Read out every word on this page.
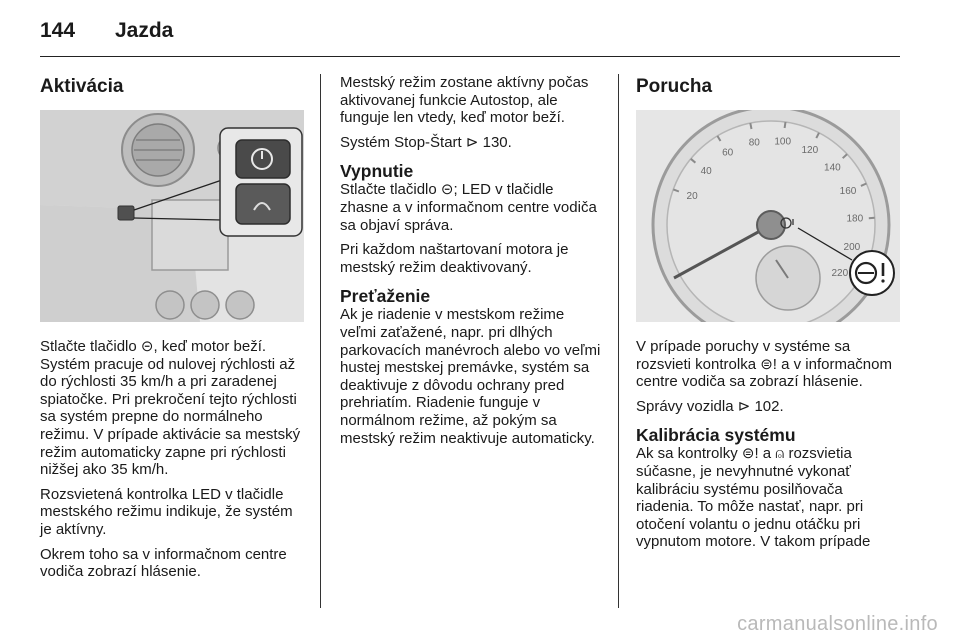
144 Jazda
Aktivácia

Stlačte tlačidlo ⊝, keď motor beží. Systém pracuje od nulovej rýchlosti až do rýchlosti 35 km/h a pri zaradenej spiatočke. Pri prekročení tejto rýchlosti sa systém prepne do normálneho režimu. V prípade aktivácie sa mestský režim automaticky zapne pri rýchlosti nižšej ako 35 km/h.

Rozsvietená kontrolka LED v tlačidle mestského režimu indikuje, že systém je aktívny.

Okrem toho sa v informačnom centre vodiča zobrazí hlásenie.

Mestský režim zostane aktívny počas aktivovanej funkcie Autostop, ale funguje len vtedy, keď motor beží.

Systém Stop-Štart ⊳ 130.

Vypnutie

Stlačte tlačidlo ⊝; LED v tlačidle zhasne a v informačnom centre vodiča sa objaví správa.

Pri každom naštartovaní motora je mestský režim deaktivovaný.

Preťaženie

Ak je riadenie v mestskom režime veľmi zaťažené, napr. pri dlhých parkovacích manévroch alebo vo veľmi hustej mestskej premávke, systém sa deaktivuje z dôvodu ochrany pred prehriatím. Riadenie funguje v normálnom režime, až pokým sa mestský režim neaktivuje automaticky.

Porucha
20
40
60
80 100
120
140
160
180
200
220

V prípade poruchy v systéme sa rozsvieti kontrolka ⊜! a v informačnom centre vodiča sa zobrazí hlásenie.

Správy vozidla ⊳ 102.

Kalibrácia systému

Ak sa kontrolky ⊜! a ⍝ rozsvietia súčasne, je nevyhnutné vykonať kalibráciu systému posilňovača riadenia. To môže nastať, napr. pri otočení volantu o jednu otáčku pri vypnutom motore. V takom prípade

carmanualsonline.info
